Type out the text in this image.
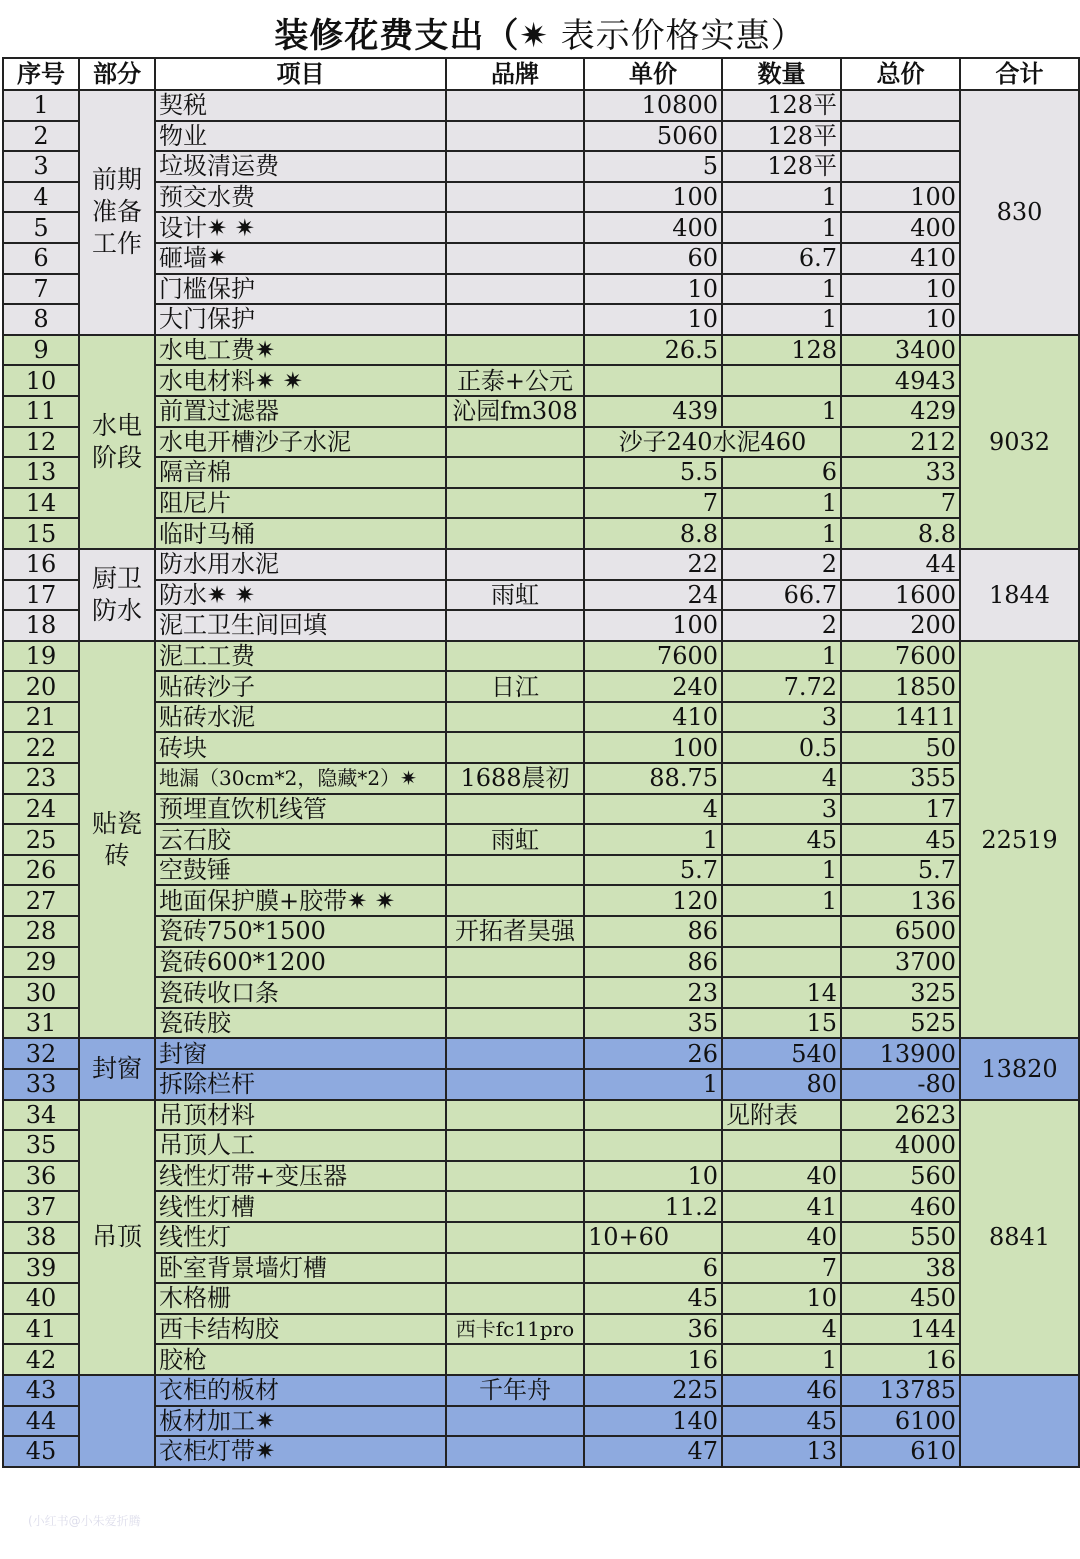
装修花费支出（✷ 表示价格实惠）
序号	部分	项目	品牌	单价	数量	总价	合计
1	前期准备工作	契税		10800	128平		830
2		物业		5060	128平		
3		垃圾清运费		5	128平		
4		预交水费		100	1	100	
5		设计✷ ✷		400	1	400	
6		砸墙✷		60	6.7	410	
7		门槛保护		10	1	10	
8		大门保护		10	1	10	
9	水电阶段	水电工费✷		26.5	128	3400	9032
10		水电材料✷ ✷	正泰+公元			4943	
11		前置过滤器	沁园fm308	439	1	429	
12		水电开槽沙子水泥		沙子240水泥460		212	
13		隔音棉		5.5	6	33	
14		阻尼片		7	1	7	
15		临时马桶		8.8	1	8.8	
16	厨卫防水	防水用水泥		22	2	44	1844
17		防水✷ ✷	雨虹	24	66.7	1600	
18		泥工卫生间回填		100	2	200	
19	贴瓷砖	泥工工费		7600	1	7600	22519
20		贴砖沙子	日江	240	7.72	1850	
21		贴砖水泥		410	3	1411	
22		砖块		100	0.5	50	
23		地漏（30cm*2，隐藏*2）✷	1688晨初	88.75	4	355	
24		预埋直饮机线管		4	3	17	
25		云石胶	雨虹	1	45	45	
26		空鼓锤		5.7	1	5.7	
27		地面保护膜+胶带✷ ✷		120	1	136	
28		瓷砖750*1500	开拓者昊强	86		6500	
29		瓷砖600*1200		86		3700	
30		瓷砖收口条		23	14	325	
31		瓷砖胶		35	15	525	
32	封窗	封窗		26	540	13900	13820
33		拆除栏杆		1	80	-80	
34	吊顶	吊顶材料			见附表	2623	8841
35		吊顶人工				4000	
36		线性灯带+变压器		10	40	560	
37		线性灯槽		11.2	41	460	
38		线性灯		10+60	40	550	
39		卧室背景墙灯槽		6	7	38	
40		木格栅		45	10	450	
41		西卡结构胶	西卡fc11pro	36	4	144	
42		胶枪		16	1	16	
43		衣柜的板材	千年舟	225	46	13785	
44		板材加工✷		140	45	6100	
45		衣柜灯带✷		47	13	610	
(小红书@小朱爱折腾
